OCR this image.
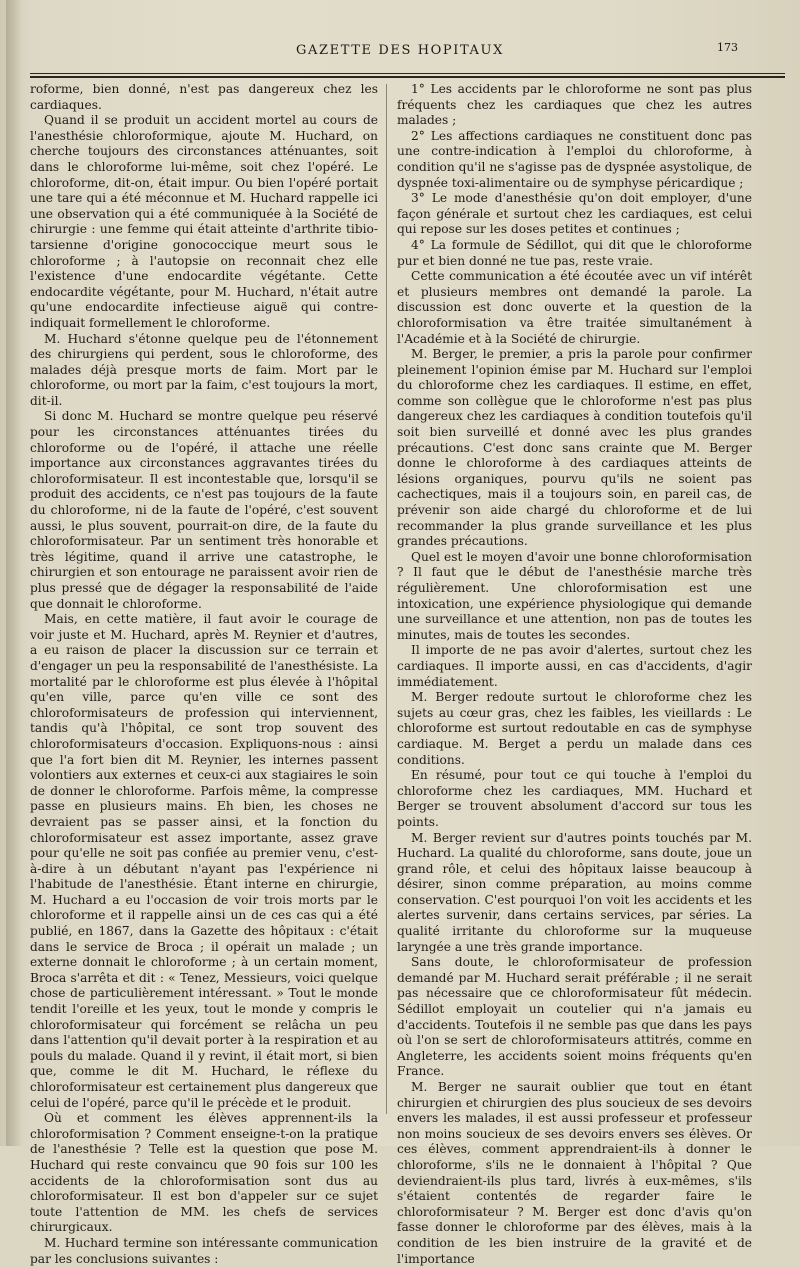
GAZETTE DES HOPITAUX	173

roforme, bien donné, n'est pas dangereux chez les cardiaques.

Quand il se produit un accident mortel au cours de l'anesthésie chloroformique, ajoute M. Huchard, on cherche toujours des circonstances atténuantes, soit dans le chloroforme lui-même, soit chez l'opéré. Le chloroforme, dit-on, était impur. Ou bien l'opéré portait une tare qui a été méconnue et M. Huchard rappelle ici une observation qui a été communiquée à la Société de chirurgie : une femme qui était atteinte d'arthrite tibio-tarsienne d'origine gonococcique meurt sous le chloroforme ; à l'autopsie on reconnait chez elle l'existence d'une endocardite végétante. Cette endocardite végétante, pour M. Huchard, n'était autre qu'une endocardite infectieuse aiguë qui contre-indiquait formellement le chloroforme.

M. Huchard s'étonne quelque peu de l'étonnement des chirurgiens qui perdent, sous le chloroforme, des malades déjà presque morts de faim. Mort par le chloroforme, ou mort par la faim, c'est toujours la mort, dit-il.

Si donc M. Huchard se montre quelque peu réservé pour les circonstances atténuantes tirées du chloroforme ou de l'opéré, il attache une réelle importance aux circonstances aggravantes tirées du chloroformisateur. Il est incontestable que, lorsqu'il se produit des accidents, ce n'est pas toujours de la faute du chloroforme, ni de la faute de l'opéré, c'est souvent aussi, le plus souvent, pourrait-on dire, de la faute du chloroformisateur. Par un sentiment très honorable et très légitime, quand il arrive une catastrophe, le chirurgien et son entourage ne paraissent avoir rien de plus pressé que de dégager la responsabilité de l'aide que donnait le chloroforme.

Mais, en cette matière, il faut avoir le courage de voir juste et M. Huchard, après M. Reynier et d'autres, a eu raison de placer la discussion sur ce terrain et d'engager un peu la responsabilité de l'anesthésiste. La mortalité par le chloroforme est plus élevée à l'hôpital qu'en ville, parce qu'en ville ce sont des chloroformisateurs de profession qui interviennent, tandis qu'à l'hôpital, ce sont trop souvent des chloroformisateurs d'occasion. Expliquons-nous : ainsi que l'a fort bien dit M. Reynier, les internes passent volontiers aux externes et ceux-ci aux stagiaires le soin de donner le chloroforme. Parfois même, la compresse passe en plusieurs mains. Eh bien, les choses ne devraient pas se passer ainsi, et la fonction du chloroformisateur est assez importante, assez grave pour qu'elle ne soit pas confiée au premier venu, c'est-à-dire à un débutant n'ayant pas l'expérience ni l'habitude de l'anesthésie. Étant interne en chirurgie, M. Huchard a eu l'occasion de voir trois morts par le chloroforme et il rappelle ainsi un de ces cas qui a été publié, en 1867, dans la Gazette des hôpitaux : c'était dans le service de Broca ; il opérait un malade ; un externe donnait le chloroforme ; à un certain moment, Broca s'arrêta et dit : « Tenez, Messieurs, voici quelque chose de particulièrement intéressant. » Tout le monde tendit l'oreille et les yeux, tout le monde y compris le chloroformisateur qui forcément se relâcha un peu dans l'attention qu'il devait porter à la respiration et au pouls du malade. Quand il y revint, il était mort, si bien que, comme le dit M. Huchard, le réflexe du chloroformisateur est certainement plus dangereux que celui de l'opéré, parce qu'il le précède et le produit.

Où et comment les élèves apprennent-ils la chloroformisation ? Comment enseigne-t-on la pratique de l'anesthésie ? Telle est la question que pose M. Huchard qui reste convaincu que 90 fois sur 100 les accidents de la chloroformisation sont dus au chloroformisateur. Il est bon d'appeler sur ce sujet toute l'attention de MM. les chefs de services chirurgicaux.

M. Huchard termine son intéressante communication par les conclusions suivantes :

1° Les accidents par le chloroforme ne sont pas plus fréquents chez les cardiaques que chez les autres malades ;

2° Les affections cardiaques ne constituent donc pas une contre-indication à l'emploi du chloroforme, à condition qu'il ne s'agisse pas de dyspnée asystolique, de dyspnée toxi-alimentaire ou de symphyse péricardique ;

3° Le mode d'anesthésie qu'on doit employer, d'une façon générale et surtout chez les cardiaques, est celui qui repose sur les doses petites et continues ;

4° La formule de Sédillot, qui dit que le chloroforme pur et bien donné ne tue pas, reste vraie.

Cette communication a été écoutée avec un vif intérêt et plusieurs membres ont demandé la parole. La discussion est donc ouverte et la question de la chloroformisation va être traitée simultanément à l'Académie et à la Société de chirurgie.

M. Berger, le premier, a pris la parole pour confirmer pleinement l'opinion émise par M. Huchard sur l'emploi du chloroforme chez les cardiaques. Il estime, en effet, comme son collègue que le chloroforme n'est pas plus dangereux chez les cardiaques à condition toutefois qu'il soit bien surveillé et donné avec les plus grandes précautions. C'est donc sans crainte que M. Berger donne le chloroforme à des cardiaques atteints de lésions organiques, pourvu qu'ils ne soient pas cachectiques, mais il a toujours soin, en pareil cas, de prévenir son aide chargé du chloroforme et de lui recommander la plus grande surveillance et les plus grandes précautions.

Quel est le moyen d'avoir une bonne chloroformisation ? Il faut que le début de l'anesthésie marche très régulièrement. Une chloroformisation est une intoxication, une expérience physiologique qui demande une surveillance et une attention, non pas de toutes les minutes, mais de toutes les secondes.

Il importe de ne pas avoir d'alertes, surtout chez les cardiaques. Il importe aussi, en cas d'accidents, d'agir immédiatement.

M. Berger redoute surtout le chloroforme chez les sujets au cœur gras, chez les faibles, les vieillards : Le chloroforme est surtout redoutable en cas de symphyse cardiaque. M. Berget a perdu un malade dans ces conditions.

En résumé, pour tout ce qui touche à l'emploi du chloroforme chez les cardiaques, MM. Huchard et Berger se trouvent absolument d'accord sur tous les points.

M. Berger revient sur d'autres points touchés par M. Huchard. La qualité du chloroforme, sans doute, joue un grand rôle, et celui des hôpitaux laisse beaucoup à désirer, sinon comme préparation, au moins comme conservation. C'est pourquoi l'on voit les accidents et les alertes survenir, dans certains services, par séries. La qualité irritante du chloroforme sur la muqueuse laryngée a une très grande importance.

Sans doute, le chloroformisateur de profession demandé par M. Huchard serait préférable ; il ne serait pas nécessaire que ce chloroformisateur fût médecin. Sédillot employait un coutelier qui n'a jamais eu d'accidents. Toutefois il ne semble pas que dans les pays où l'on se sert de chloroformisateurs attitrés, comme en Angleterre, les accidents soient moins fréquents qu'en France.

M. Berger ne saurait oublier que tout en étant chirurgien et chirurgien des plus soucieux de ses devoirs envers les malades, il est aussi professeur et professeur non moins soucieux de ses devoirs envers ses élèves. Or ces élèves, comment apprendraient-ils à donner le chloroforme, s'ils ne le donnaient à l'hôpital ? Que deviendraient-ils plus tard, livrés à eux-mêmes, s'ils s'étaient contentés de regarder faire le chloroformisateur ? M. Berger est donc d'avis qu'on fasse donner le chloroforme par des élèves, mais à la condition de les bien instruire de la gravité et de l'importance
